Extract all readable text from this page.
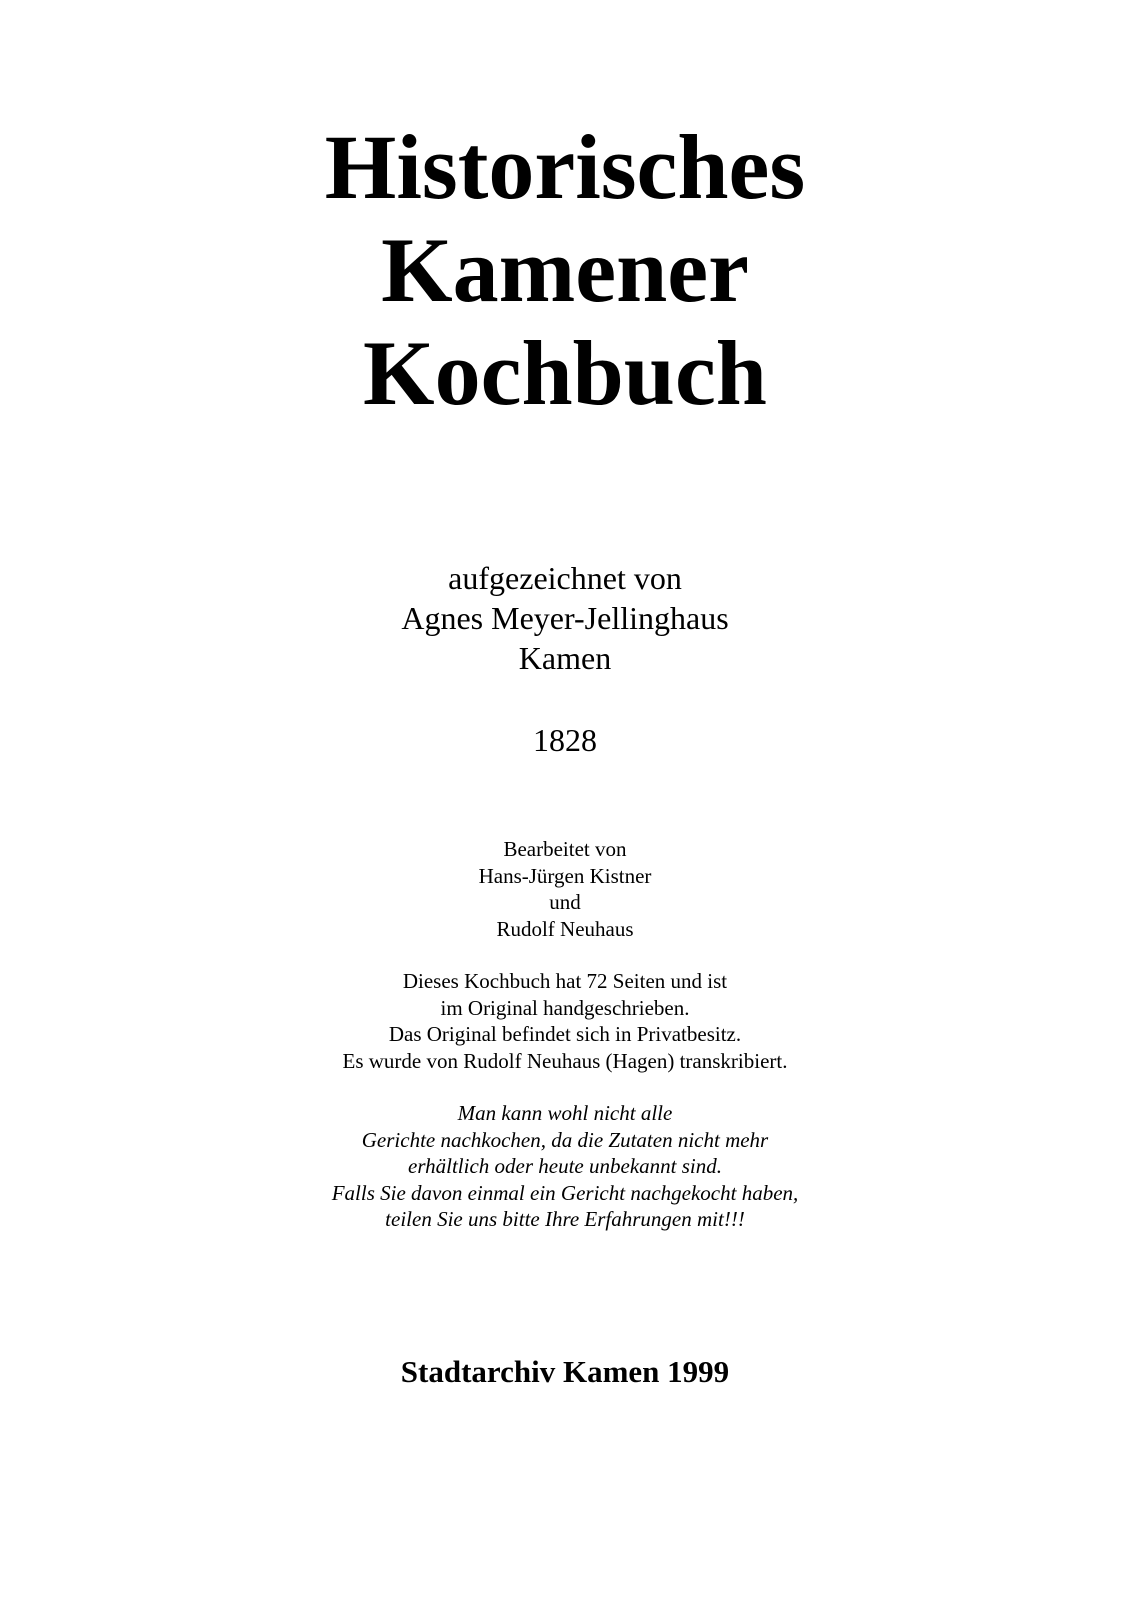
Historisches
Kamener
Kochbuch
aufgezeichnet von
Agnes Meyer-Jellinghaus
Kamen
1828
Bearbeitet von
Hans-Jürgen Kistner
und
Rudolf Neuhaus
Dieses Kochbuch hat 72 Seiten und ist
im Original handgeschrieben.
Das Original befindet sich in Privatbesitz.
Es wurde von Rudolf Neuhaus (Hagen) transkribiert.
Man kann wohl nicht alle
Gerichte nachkochen, da die Zutaten nicht mehr
erhältlich oder heute unbekannt sind.
Falls Sie davon einmal ein Gericht nachgekocht haben,
teilen Sie uns bitte Ihre Erfahrungen mit!!!
Stadtarchiv Kamen 1999
